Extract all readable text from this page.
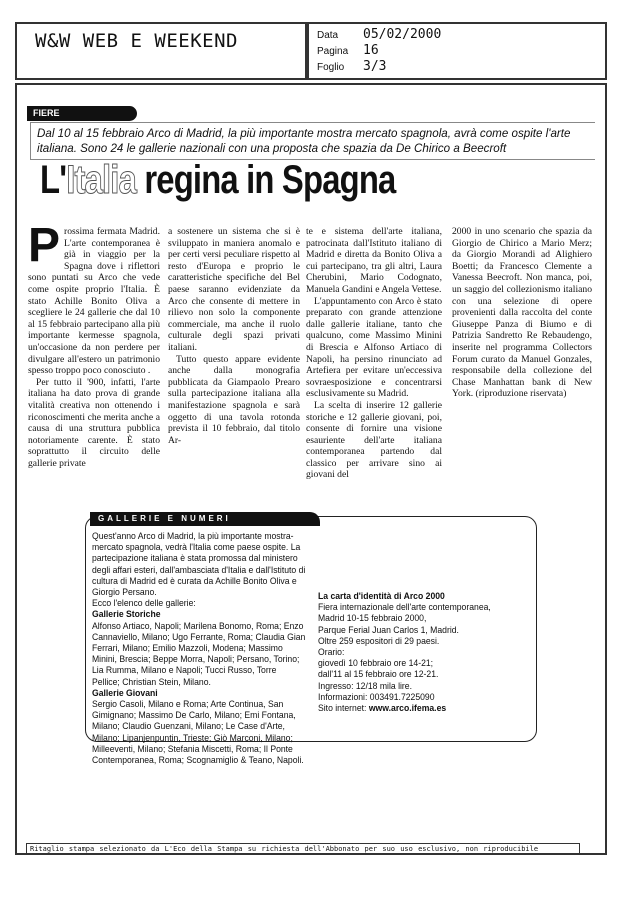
W&W WEB E WEEKEND	Data 05/02/2000
Pagina 16
Foglio 3/3
FIERE
Dal 10 al 15 febbraio Arco di Madrid, la più importante mostra mercato spagnola, avrà come ospite l'arte italiana. Sono 24 le gallerie nazionali con una proposta che spazia da De Chirico a Beecroft
L'Italia regina in Spagna

Prossima fermata Madrid. L'arte contemporanea è già in viaggio per la Spagna dove i riflettori sono puntati su Arco che vede come ospite proprio l'Italia. È stato Achille Bonito Oliva a scegliere le 24 gallerie che dal 10 al 15 febbraio partecipano alla più importante kermesse spagnola, un'occasione da non perdere per divulgare all'estero un patrimonio spesso troppo poco conosciuto .

Per tutto il '900, infatti, l'arte italiana ha dato prova di grande vitalità creativa non ottenendo i riconoscimenti che merita anche a causa di una struttura pubblica notoriamente carente. È stato soprattutto il circuito delle gallerie private

a sostenere un sistema che si è sviluppato in maniera anomalo e per certi versi peculiare rispetto al resto d'Europa e proprio le caratteristiche specifiche del Bel paese saranno evidenziate da Arco che consente di mettere in rilievo non solo la componente commerciale, ma anche il ruolo culturale degli spazi privati italiani.

Tutto questo appare evidente anche dalla monografia pubblicata da Giampaolo Prearo sulla partecipazione italiana alla manifestazione spagnola e sarà oggetto di una tavola rotonda prevista il 10 febbraio, dal titolo Ar-

te e sistema dell'arte italiana, patrocinata dall'Istituto italiano di Madrid e diretta da Bonito Oliva a cui partecipano, tra gli altri, Laura Cherubini, Mario Codognato, Manuela Gandini e Angela Vettese.

L'appuntamento con Arco è stato preparato con grande attenzione dalle gallerie italiane, tanto che qualcuno, come Massimo Minini di Brescia e Alfonso Artiaco di Napoli, ha persino rinunciato ad Artefiera per evitare un'eccessiva sovraesposizione e concentrarsi esclusivamente su Madrid.

La scelta di inserire 12 gallerie storiche e 12 gallerie giovani, poi, consente di fornire una visione esauriente dell'arte italiana contemporanea partendo dal classico per arrivare sino ai giovani del

2000 in uno scenario che spazia da Giorgio de Chirico a Mario Merz; da Giorgio Morandi ad Alighiero Boetti; da Francesco Clemente a Vanessa Beecroft. Non manca, poi, un saggio del collezionismo italiano con una selezione di opere provenienti dalla raccolta del conte Giuseppe Panza di Biumo e di Patrizia Sandretto Re Rebaudengo, inserite nel programma Collectors Forum curato da Manuel Gonzales, responsabile della collezione del Chase Manhattan bank di New York. (riproduzione riservata)

GALLERIE E NUMERI
Quest'anno Arco di Madrid, la più importante mostra-mercato spagnola, vedrà l'Italia come paese ospite. La partecipazione italiana è stata promossa dal ministero degli affari esteri, dall'ambasciata d'Italia e dall'Istituto di cultura di Madrid ed è curata da Achille Bonito Oliva e Giorgio Persano.
Ecco l'elenco delle gallerie:
Gallerie Storiche
Alfonso Artiaco, Napoli; Marilena Bonomo, Roma; Enzo Cannaviello, Milano; Ugo Ferrante, Roma; Claudia Gian Ferrari, Milano; Emilio Mazzoli, Modena; Massimo Minini, Brescia; Beppe Morra, Napoli; Persano, Torino; Lia Rumma, Milano e Napoli; Tucci Russo, Torre Pellice; Christian Stein, Milano.
Gallerie Giovani
Sergio Casoli, Milano e Roma; Arte Continua, San Gimignano; Massimo De Carlo, Milano; Emi Fontana, Milano; Claudio Guenzani, Milano; Le Case d'Arte, Milano; Lipanjenpuntin, Trieste; Giò Marconi, Milano; Milleeventi, Milano; Stefania Miscetti, Roma; Il Ponte Contemporanea, Roma; Scognamiglio & Teano, Napoli.
La carta d'identità di Arco 2000
Fiera internazionale dell'arte contemporanea,
Madrid 10-15 febbraio 2000,
Parque Ferial Juan Carlos 1, Madrid.
Oltre 259 espositori di 29 paesi.
Orario:
giovedì 10 febbraio ore 14-21;
dall'11 al 15 febbraio ore 12-21.
Ingresso: 12/18 mila lire.
Informazioni: 003491.7225090
Sito internet: www.arco.ifema.es
Ritaglio stampa selezionato da L'Eco della Stampa su richiesta dell'Abbonato per suo uso esclusivo, non riproducibile
